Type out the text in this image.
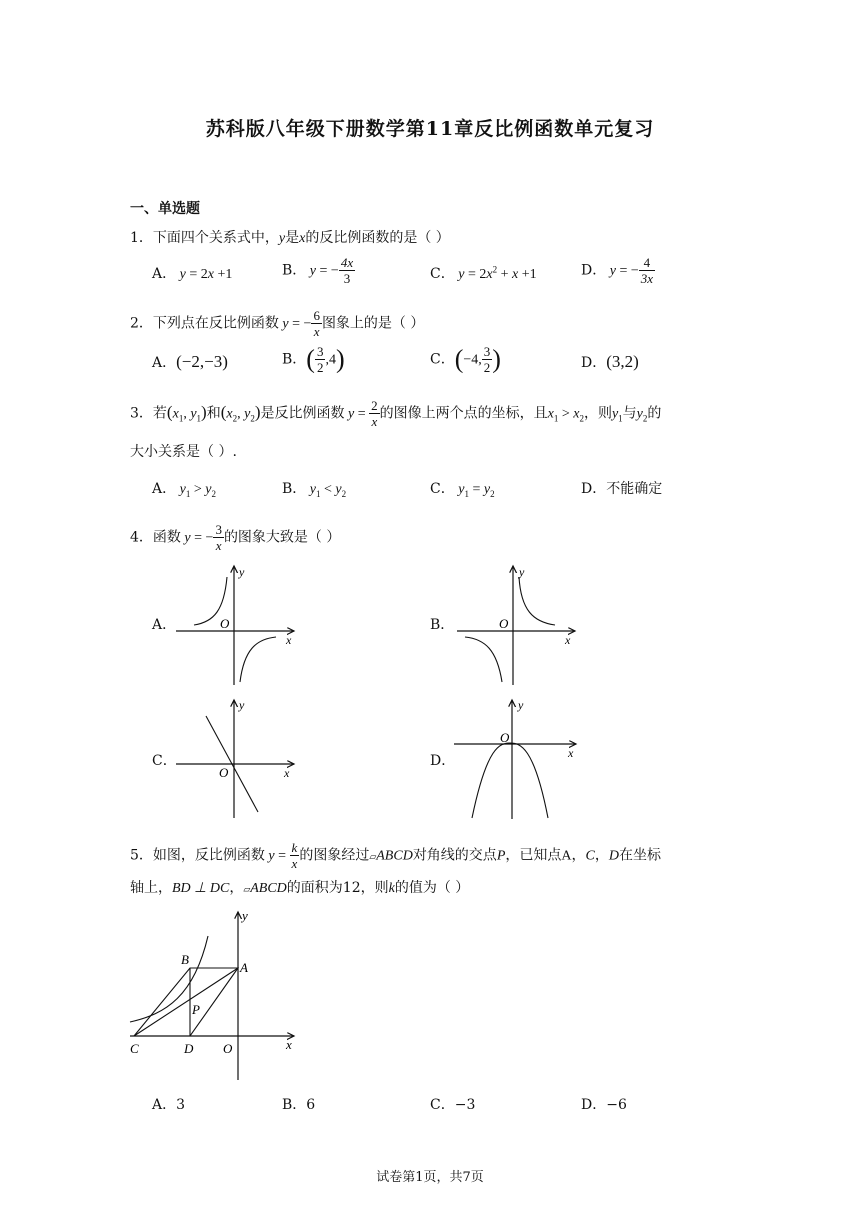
苏科版八年级下册数学第11章反比例函数单元复习
一、单选题
1．下面四个关系式中，y是x的反比例函数的是（ ）
A． y = 2x +1	B． y = − $\frac{4x}{3}$	C． $y = 2x^2 + x +1$	D． y = − $\frac{4}{3x}$
2．下列点在反比例函数 y = − $\frac{6}{x}$ 图象上的是（ ）
A．(−2,−3)	B．( $\frac{3}{2} ,4$)	C．(−4, $\frac{3}{2}$ )	D．(3,2)
3．若($x_1$, $y_1$)和($x_2$, $y_2$)是反比例函数 $y = \frac{2}{x}$ 的图像上两个点的坐标，且$x_1 > x_2$，则$y_1$与$y_2$的
大小关系是（ ）.
A． $y_1 > y_2$	B． $y_1 < y_2$	C． $y_1 = y_2$	D．不能确定
4．函数 y = − $\frac{3}{x}$ 的图象大致是（ ）
A．	O
y
x
B．	O
y
x
C．
O
y
x
D．
O
y
x
5．如图，反比例函数 $y = \frac{k}{x}$ 的图象经过▱ABCD对角线的交点P，已知点A，C，D在坐标
轴上，BD ⊥ DC，▱ABCD的面积为12，则k的值为（ ）
B
A
P
C	D O
y
x
A．3	B．6	C．−3	D．−6
试卷第1页，共7页
